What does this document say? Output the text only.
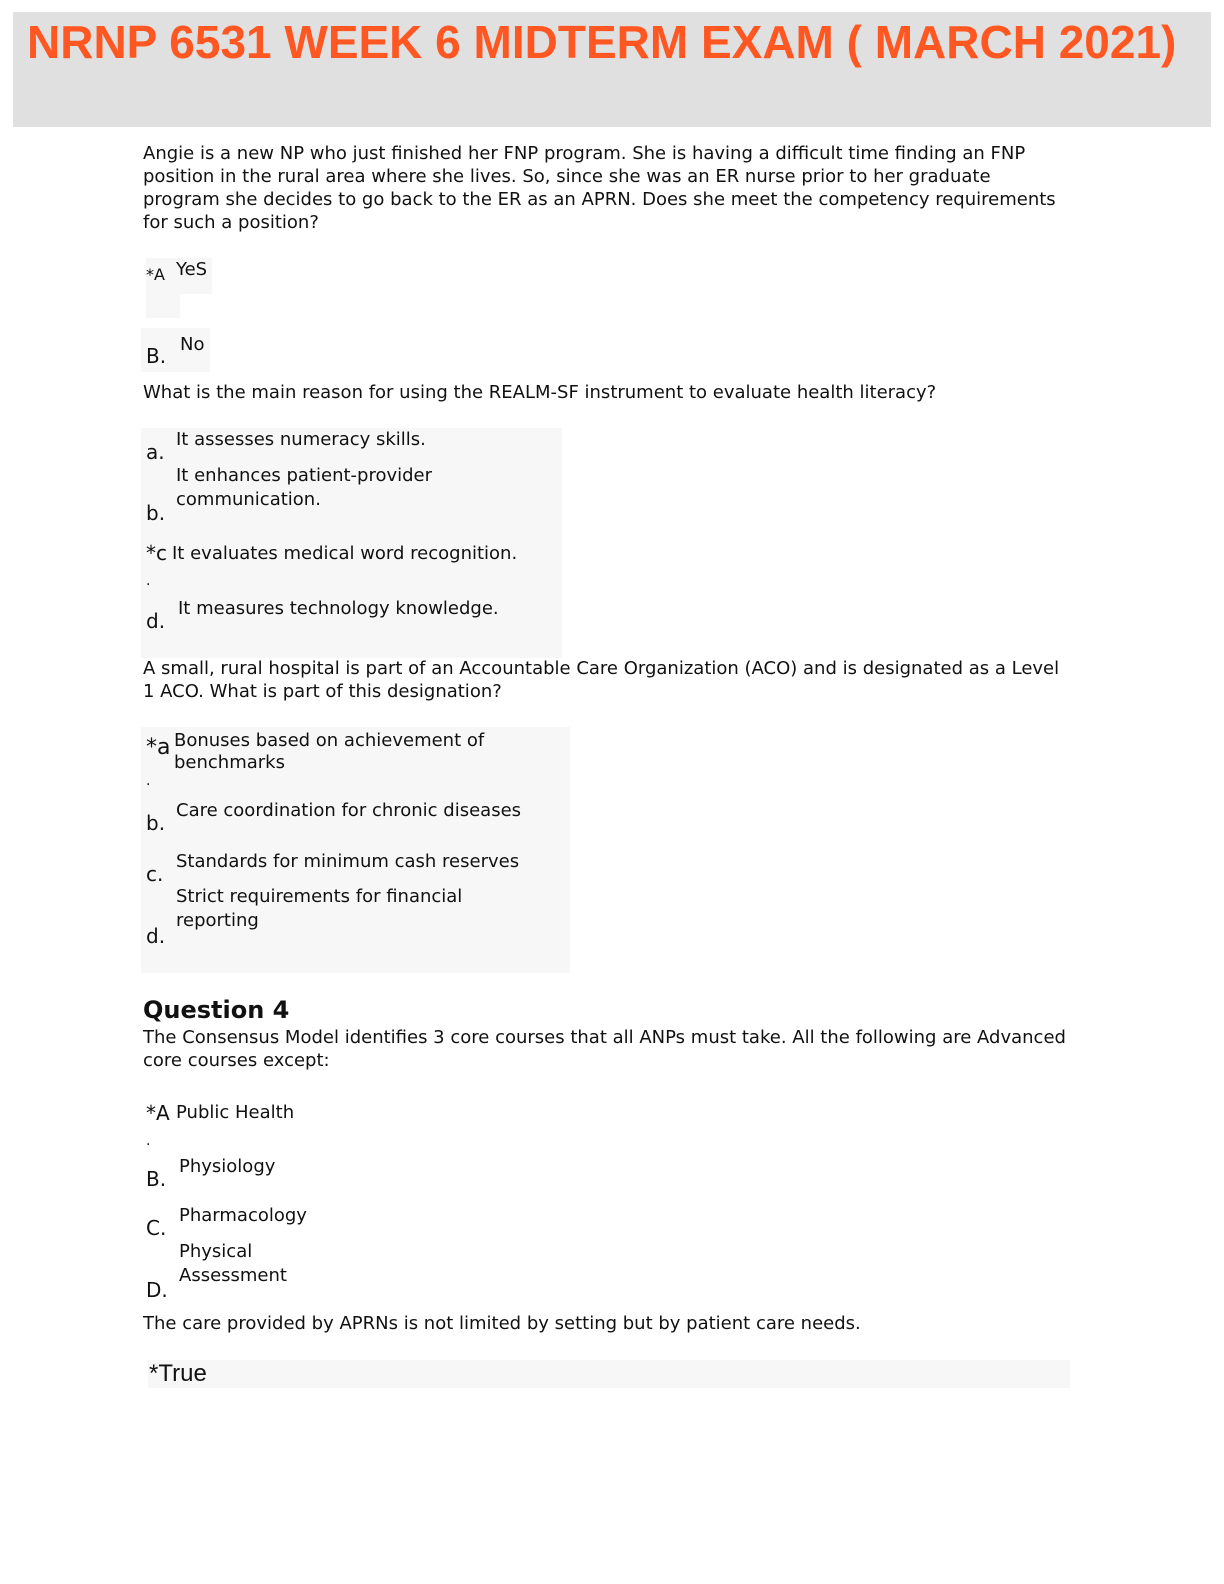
NRNP 6531 WEEK 6 MIDTERM EXAM ( MARCH 2021)

Angie is a new NP who just finished her FNP program. She is having a difficult time finding an FNP position in the rural area where she lives. So, since she was an ER nurse prior to her graduate program she decides to go back to the ER as an APRN. Does she meet the competency requirements for such a position?

*A YeS
B. No

What is the main reason for using the REALM-SF instrument to evaluate health literacy?

a.
It assesses numeracy skills.
b.
It enhances patient-provider communication.
*c
.
It evaluates medical word recognition.
d.
It measures technology knowledge.

A small, rural hospital is part of an Accountable Care Organization (ACO) and is designated as a Level 1 ACO. What is part of this designation?

*a
.
Bonuses based on achievement of benchmarks
b.
Care coordination for chronic diseases
c.
Standards for minimum cash reserves
d.
Strict requirements for financial reporting
Question 4

The Consensus Model identifies 3 core courses that all ANPs must take. All the following are Advanced core courses except:

*A
.
Public Health
B.
Physiology
C.
Pharmacology
D.
Physical Assessment

The care provided by APRNs is not limited by setting but by patient care needs.

*True
